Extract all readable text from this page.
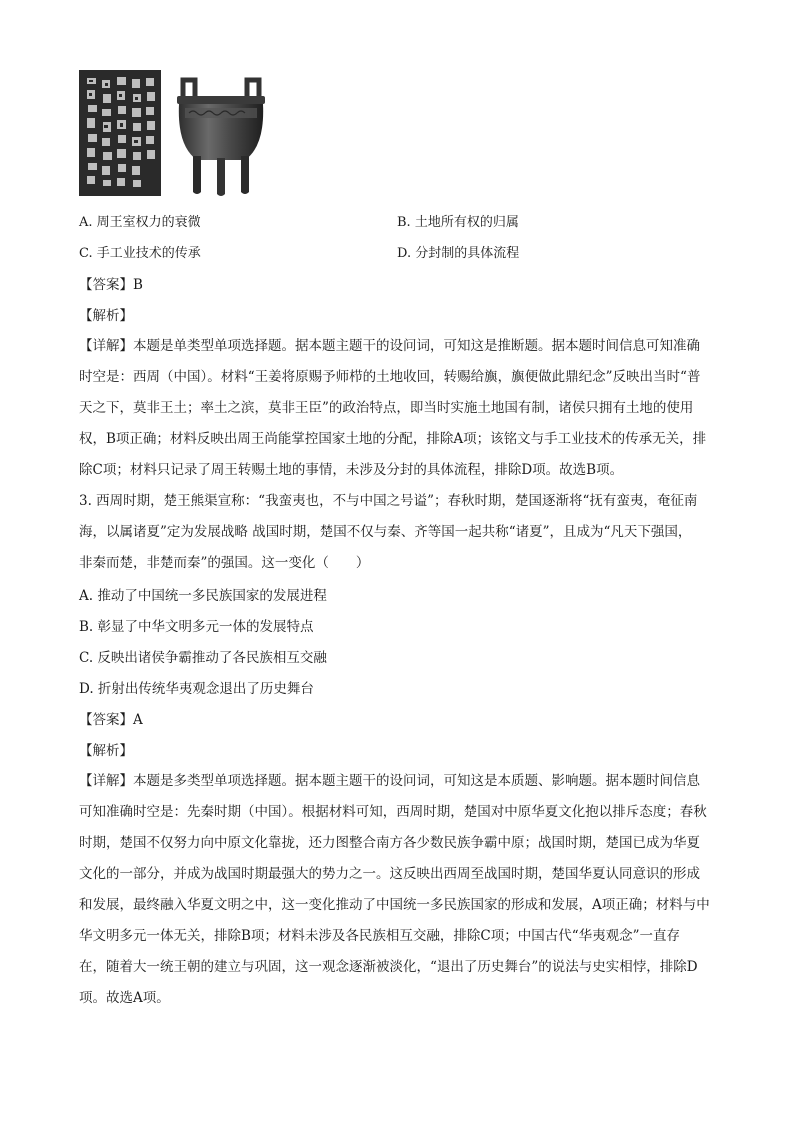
A. 周王室权力的衰微	B. 土地所有权的归属
C. 手工业技术的传承	D. 分封制的具体流程
【答案】B
【解析】
【详解】本题是单类型单项选择题。据本题主题干的设问词，可知这是推断题。据本题时间信息可知准确
时空是：西周（中国）。材料“王姜将原赐予师栉的土地收回，转赐给旟，旟便做此鼎纪念”反映出当时“普
天之下，莫非王土；率土之滨，莫非王臣”的政治特点，即当时实施土地国有制，诸侯只拥有土地的使用
权，B项正确；材料反映出周王尚能掌控国家土地的分配，排除A项；该铭文与手工业技术的传承无关，排
除C项；材料只记录了周王转赐土地的事情，未涉及分封的具体流程，排除D项。故选B项。
3. 西周时期，楚王熊渠宣称：“我蛮夷也，不与中国之号谥”；春秋时期，楚国逐渐将“抚有蛮夷，奄征南
海，以属诸夏”定为发展战略 战国时期，楚国不仅与秦、齐等国一起共称“诸夏”，且成为“凡天下强国，
非秦而楚，非楚而秦”的强国。这一变化（　　）
A. 推动了中国统一多民族国家的发展进程
B. 彰显了中华文明多元一体的发展特点
C. 反映出诸侯争霸推动了各民族相互交融
D. 折射出传统华夷观念退出了历史舞台
【答案】A
【解析】
【详解】本题是多类型单项选择题。据本题主题干的设问词，可知这是本质题、影响题。据本题时间信息
可知准确时空是：先秦时期（中国）。根据材料可知，西周时期，楚国对中原华夏文化抱以排斥态度；春秋
时期，楚国不仅努力向中原文化靠拢，还力图整合南方各少数民族争霸中原；战国时期，楚国已成为华夏
文化的一部分，并成为战国时期最强大的势力之一。这反映出西周至战国时期，楚国华夏认同意识的形成
和发展，最终融入华夏文明之中，这一变化推动了中国统一多民族国家的形成和发展，A项正确；材料与中
华文明多元一体无关，排除B项；材料未涉及各民族相互交融，排除C项；中国古代“华夷观念”一直存
在，随着大一统王朝的建立与巩固，这一观念逐渐被淡化，“退出了历史舞台”的说法与史实相悖，排除D
项。故选A项。
